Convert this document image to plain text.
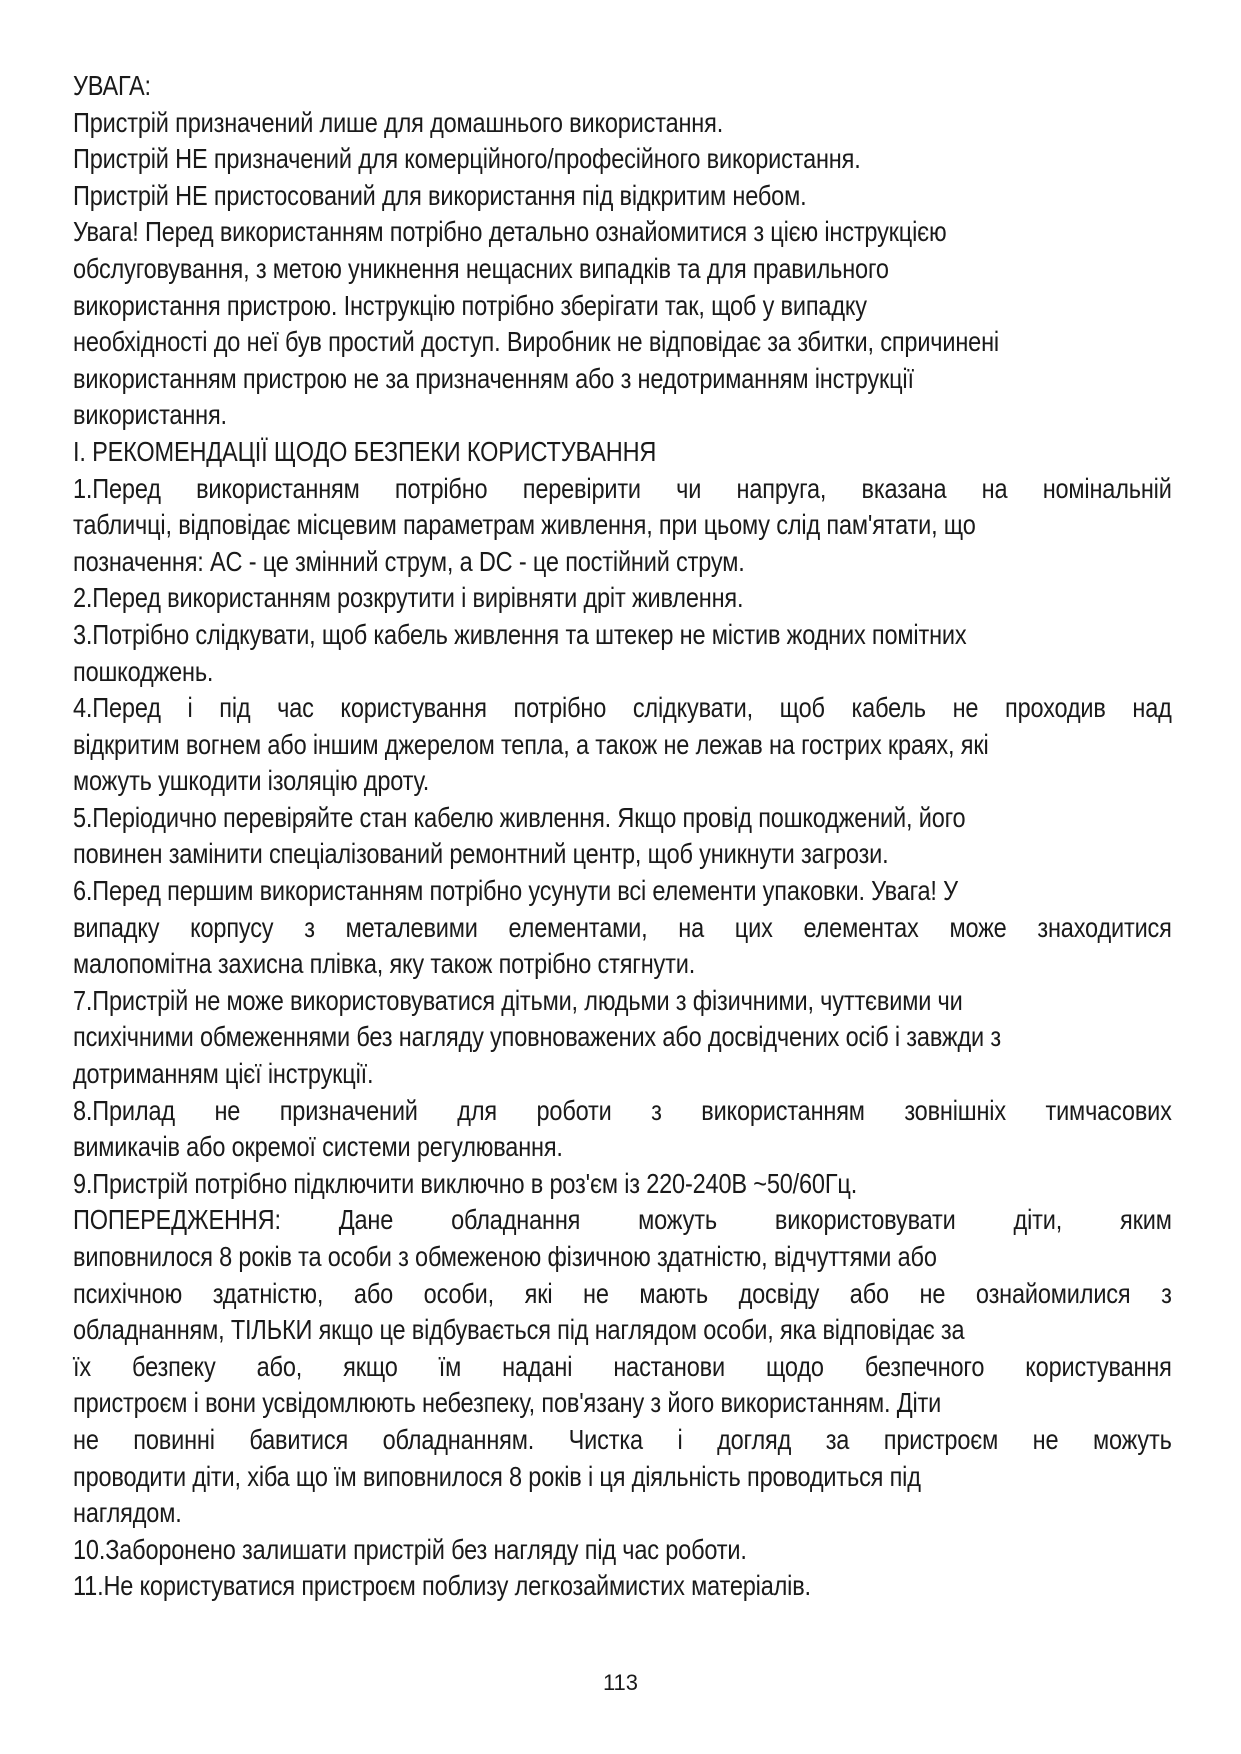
УВАГА:
Пристрій призначений лише для домашнього використання.
Пристрій НЕ призначений для комерційного/професійного використання.
Пристрій НЕ пристосований для використання під відкритим небом.
Увага! Перед використанням потрібно детально ознайомитися з цією інструкцією
обслуговування, з метою уникнення нещасних випадків та для правильного
використання пристрою. Інструкцію потрібно зберігати так, щоб у випадку
необхідності до неї був простий доступ. Виробник не відповідає за збитки, спричинені
використанням пристрою не за призначенням або з недотриманням інструкції
використання.
I. РЕКОМЕНДАЦІЇ ЩОДО БЕЗПЕКИ КОРИСТУВАННЯ
1.Перед використанням потрібно перевірити чи напруга, вказана на номінальній
табличці, відповідає місцевим параметрам живлення, при цьому слід пам'ятати, що
позначення: AC - це змінний струм, а DC - це постійний струм.
2.Перед використанням розкрутити і вирівняти дріт живлення.
3.Потрібно слідкувати, щоб кабель живлення та штекер не містив жодних помітних
пошкоджень.
4.Перед і під час користування потрібно слідкувати, щоб кабель не проходив над
відкритим вогнем або іншим джерелом тепла, а також не лежав на гострих краях, які
можуть ушкодити ізоляцію дроту.
5.Періодично перевіряйте стан кабелю живлення. Якщо провід пошкоджений, його
повинен замінити спеціалізований ремонтний центр, щоб уникнути загрози.
6.Перед першим використанням потрібно усунути всі елементи упаковки. Увага! У
випадку корпусу з металевими елементами, на цих елементах може знаходитися
малопомітна захисна плівка, яку також потрібно стягнути.
7.Пристрій не може використовуватися дітьми, людьми з фізичними, чуттєвими чи
психічними обмеженнями без нагляду уповноважених або досвідчених осіб і завжди з
дотриманням цієї інструкції.
8.Прилад не призначений для роботи з використанням зовнішніх тимчасових
вимикачів або окремої системи регулювання.
9.Пристрій потрібно підключити виключно в роз'єм із 220-240В ~50/60Гц.
ПОПЕРЕДЖЕННЯ: Дане обладнання можуть використовувати діти, яким
виповнилося 8 років та особи з обмеженою фізичною здатністю, відчуттями або
психічною здатністю, або особи, які не мають досвіду або не ознайомилися з
обладнанням, ТІЛЬКИ якщо це відбувається під наглядом особи, яка відповідає за
їх безпеку або, якщо їм надані настанови щодо безпечного користування
пристроєм і вони усвідомлюють небезпеку, пов'язану з його використанням. Діти
не повинні бавитися обладнанням. Чистка і догляд за пристроєм не можуть
проводити діти, хіба що їм виповнилося 8 років і ця діяльність проводиться під
наглядом.
10.Заборонено залишати пристрій без нагляду під час роботи.
11.Не користуватися пристроєм поблизу легкозаймистих матеріалів.
113
